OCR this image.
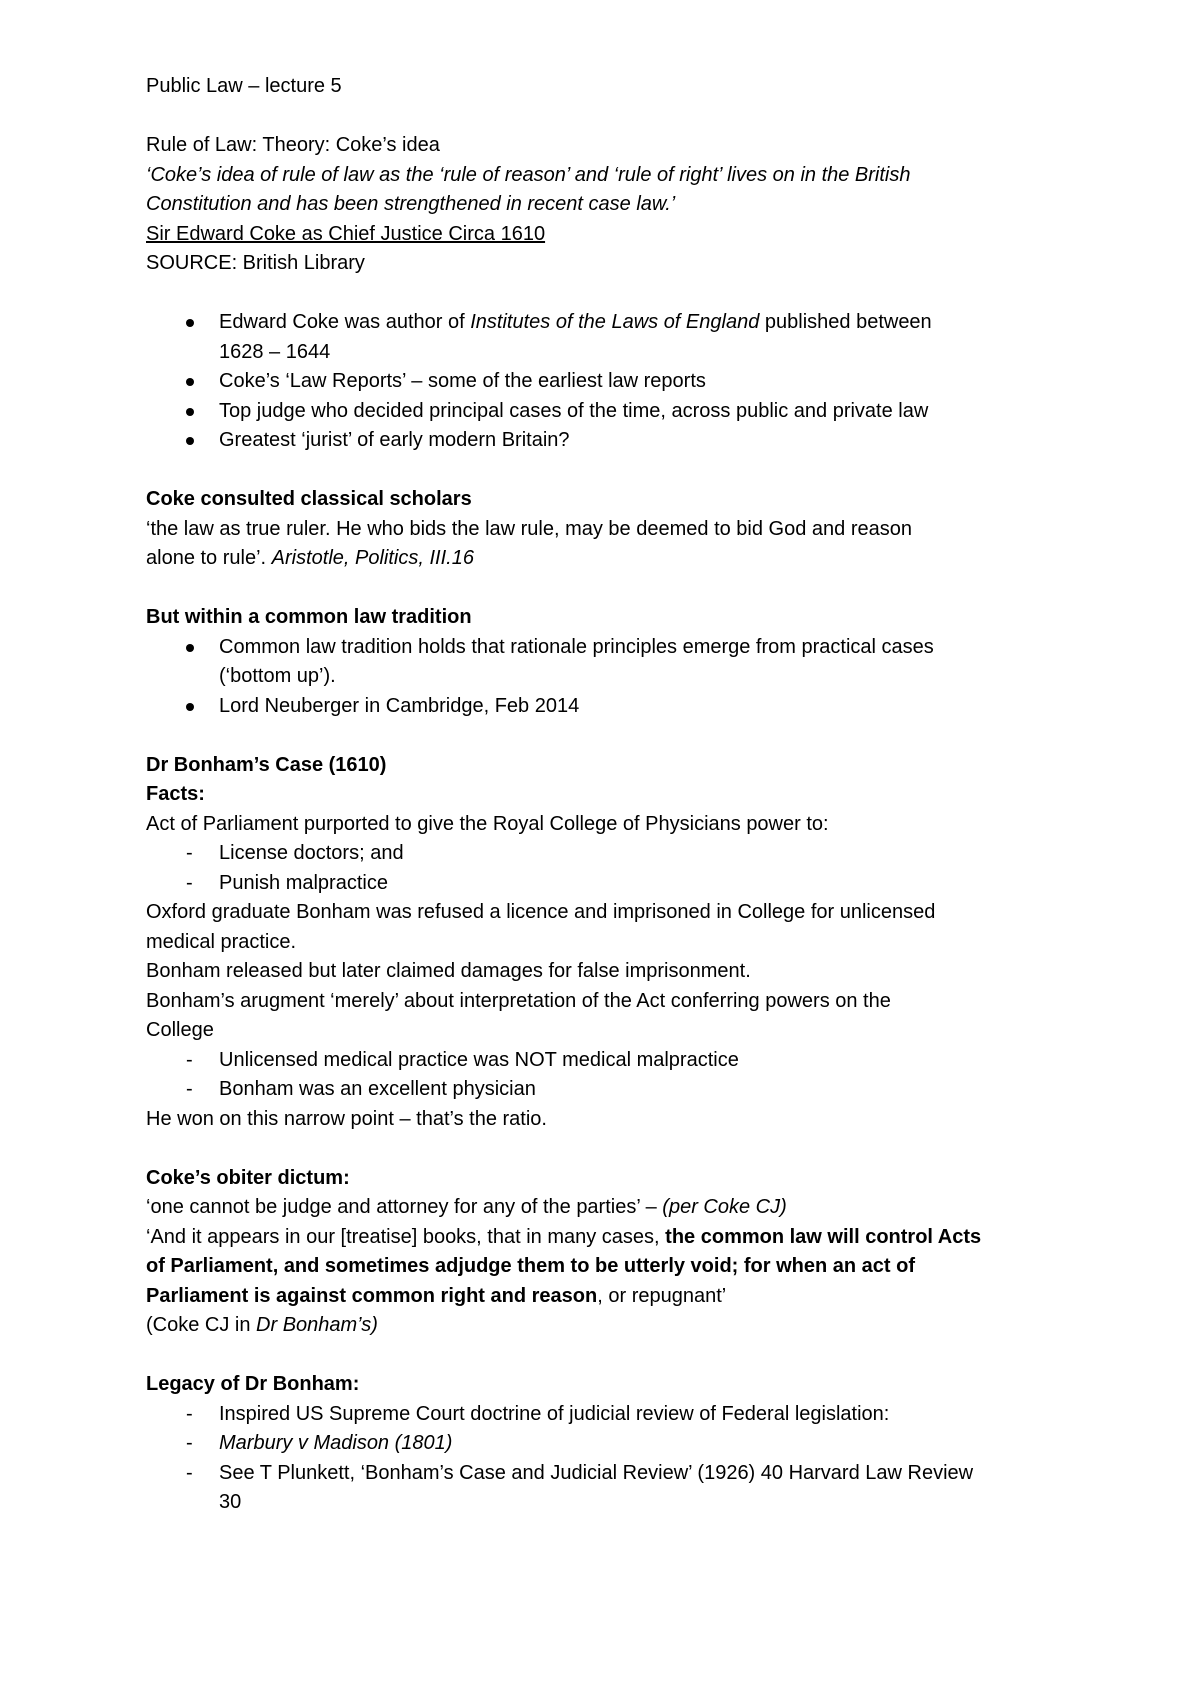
Public Law – lecture 5
Rule of Law: Theory: Coke’s idea
‘Coke’s idea of rule of law as the ‘rule of reason’ and ‘rule of right’ lives on in the British
Constitution and has been strengthened in recent case law.’
Sir Edward Coke as Chief Justice Circa 1610
SOURCE: British Library
Edward Coke was author of Institutes of the Laws of England published between
1628 – 1644
Coke’s ‘Law Reports’ – some of the earliest law reports
Top judge who decided principal cases of the time, across public and private law
Greatest ‘jurist’ of early modern Britain?
Coke consulted classical scholars
‘the law as true ruler. He who bids the law rule, may be deemed to bid God and reason
alone to rule’. Aristotle, Politics, III.16
But within a common law tradition
Common law tradition holds that rationale principles emerge from practical cases
(‘bottom up’).
Lord Neuberger in Cambridge, Feb 2014
Dr Bonham’s Case (1610)
Facts:
Act of Parliament purported to give the Royal College of Physicians power to:
- License doctors; and
- Punish malpractice
Oxford graduate Bonham was refused a licence and imprisoned in College for unlicensed
medical practice.
Bonham released but later claimed damages for false imprisonment.
Bonham’s arugment ‘merely’ about interpretation of the Act conferring powers on the
College
- Unlicensed medical practice was NOT medical malpractice
- Bonham was an excellent physician
He won on this narrow point – that’s the ratio.
Coke’s obiter dictum:
‘one cannot be judge and attorney for any of the parties’ – (per Coke CJ)
‘And it appears in our [treatise] books, that in many cases, the common law will control Acts
of Parliament, and sometimes adjudge them to be utterly void; for when an act of
Parliament is against common right and reason, or repugnant’
(Coke CJ in Dr Bonham’s)
Legacy of Dr Bonham:
- Inspired US Supreme Court doctrine of judicial review of Federal legislation:
- Marbury v Madison (1801)
- See T Plunkett, ‘Bonham’s Case and Judicial Review’ (1926) 40 Harvard Law Review
30
